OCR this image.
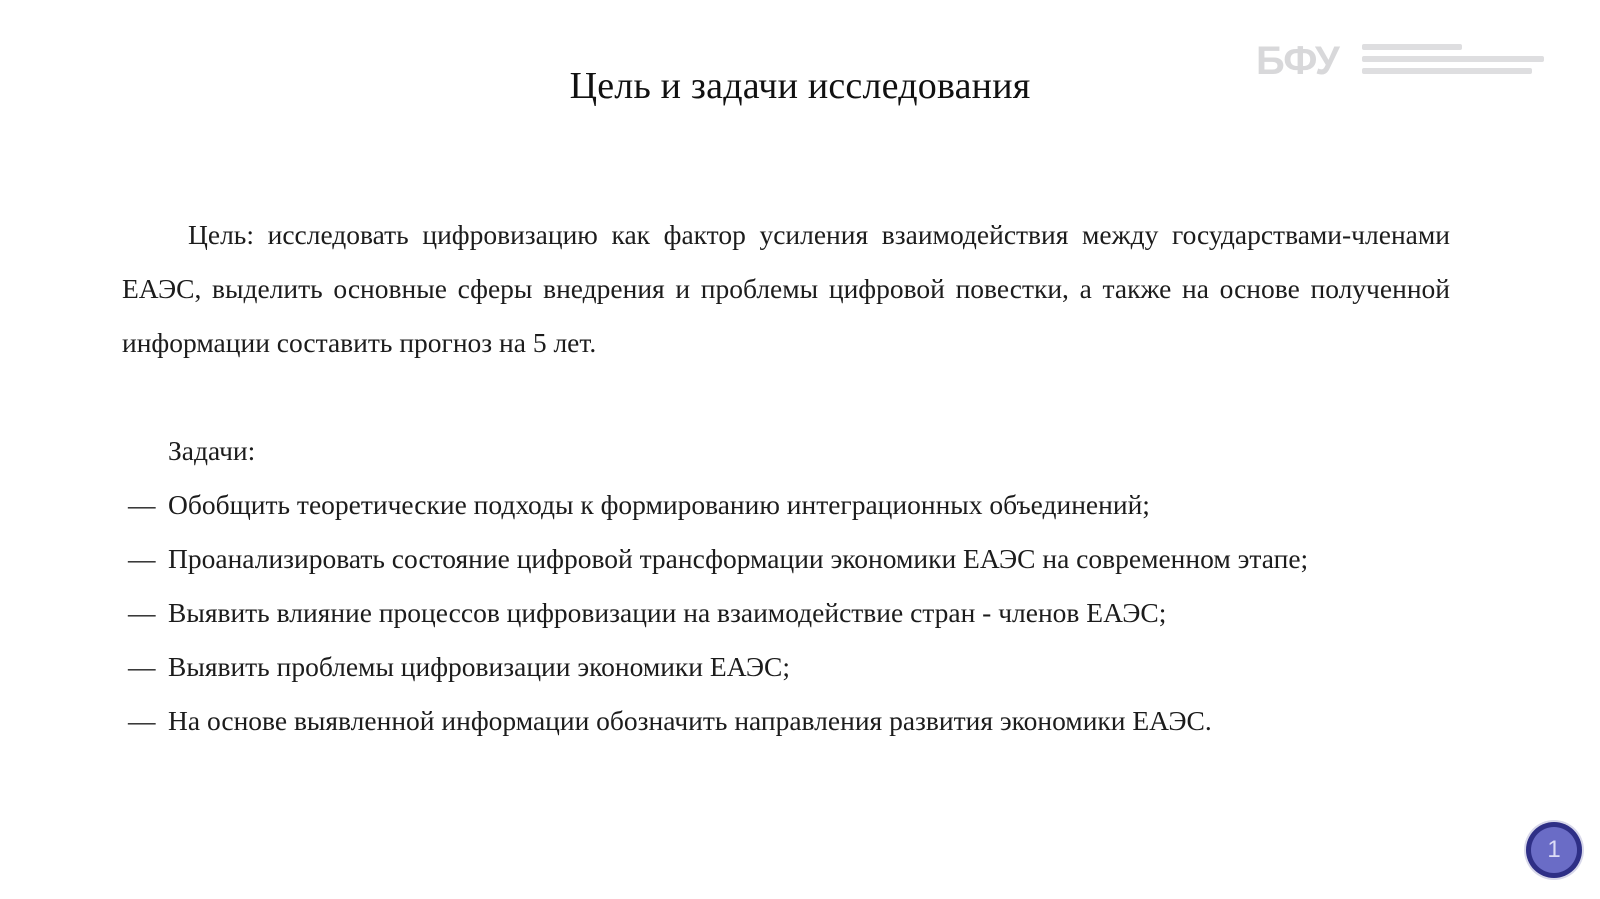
Цель и задачи исследования
БФУ

Цель: исследовать цифровизацию как фактор усиления взаимодействия между государствами-членами ЕАЭС, выделить основные сферы внедрения и проблемы цифровой повестки, а также на основе полученной информации составить прогноз на 5 лет.

Задачи:

— Обобщить теоретические подходы к формированию интеграционных объединений;
— Проанализировать состояние цифровой трансформации экономики ЕАЭС на современном этапе;
— Выявить влияние процессов цифровизации на взаимодействие стран - членов ЕАЭС;
— Выявить проблемы цифровизации экономики ЕАЭС;
— На основе выявленной информации обозначить направления развития экономики ЕАЭС.
1
